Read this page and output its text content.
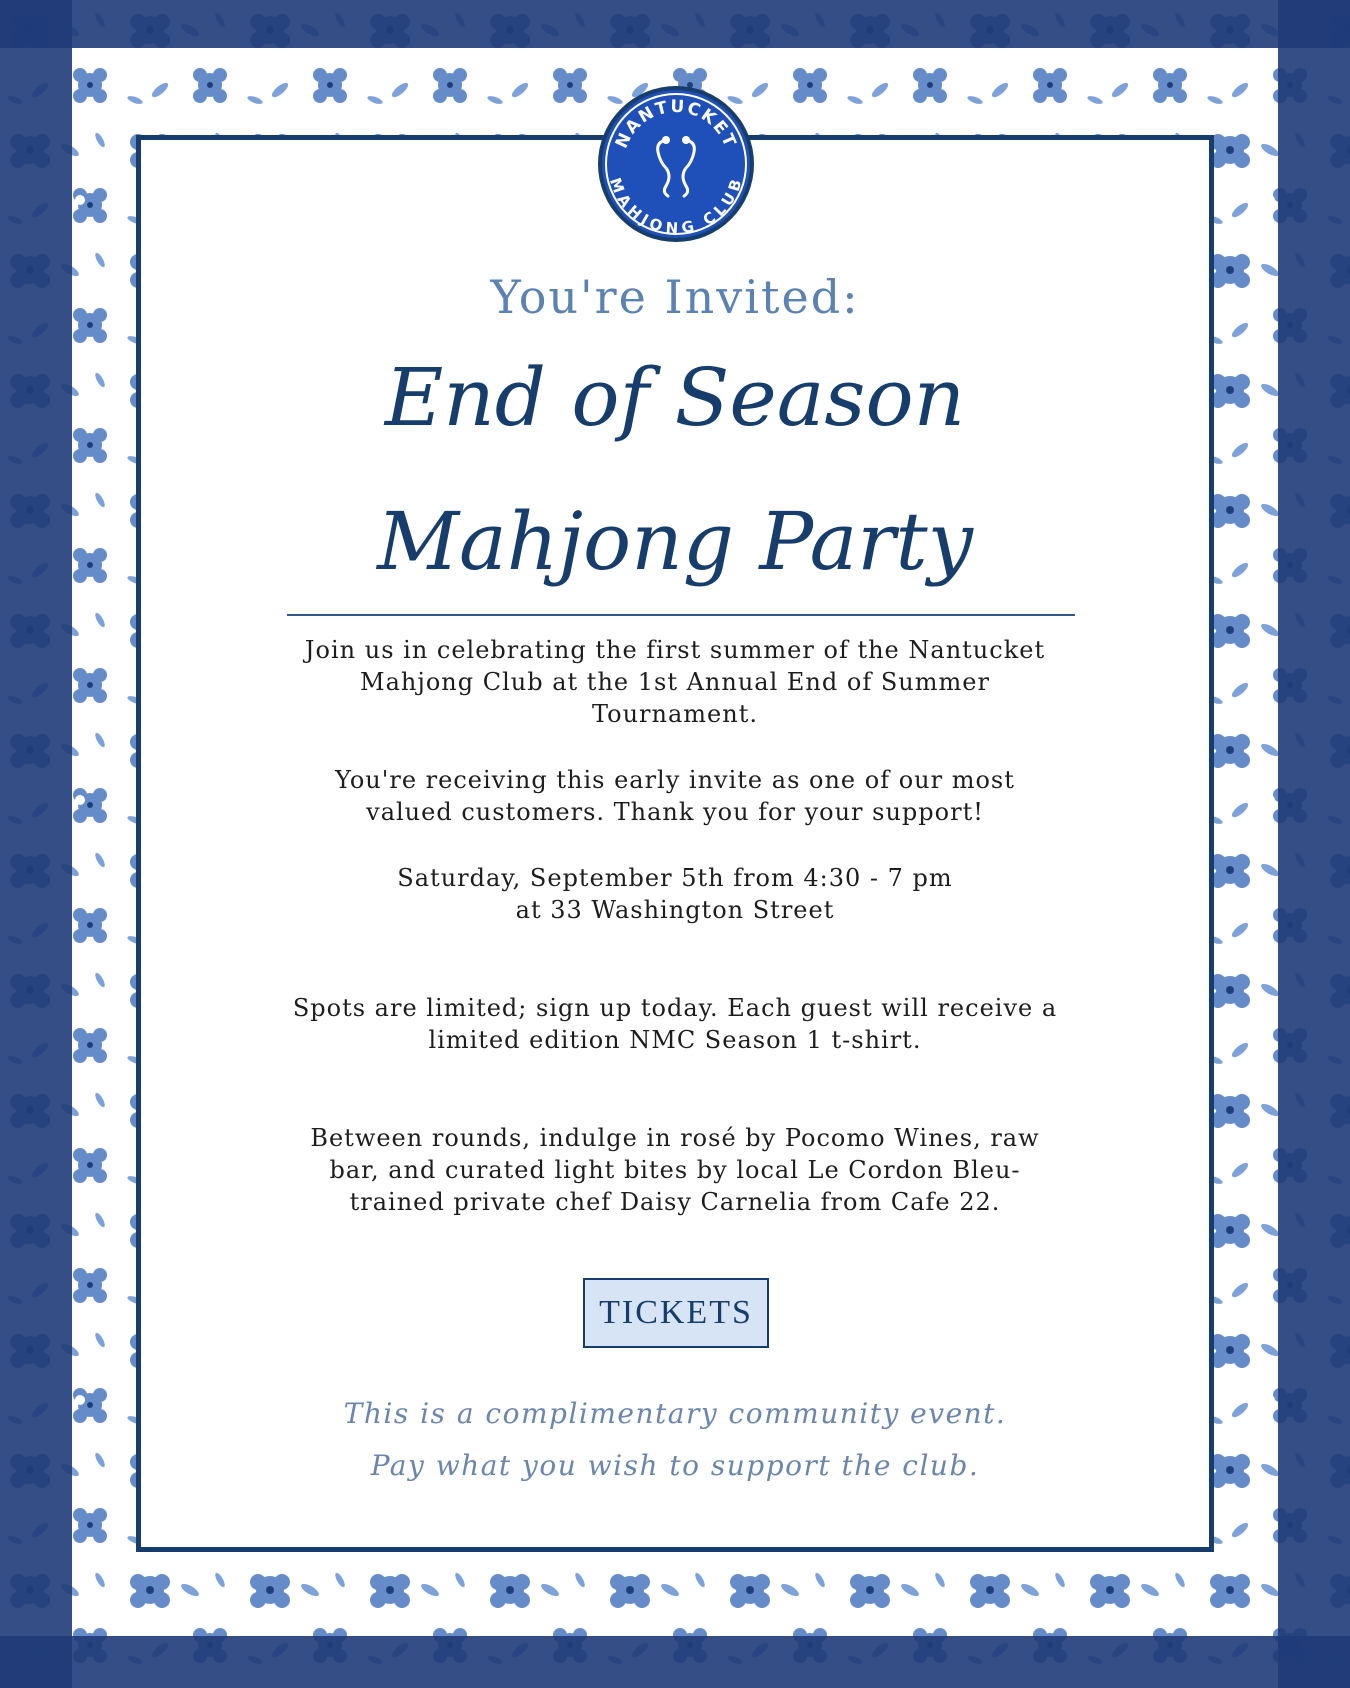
You're Invited:
End of Season
Mahjong Party
Join us in celebrating the first summer of the Nantucket
Mahjong Club at the 1st Annual End of Summer
Tournament.
You're receiving this early invite as one of our most
valued customers. Thank you for your support!
Saturday, September 5th from 4:30 - 7 pm
at 33 Washington Street
Spots are limited; sign up today. Each guest will receive a
limited edition NMC Season 1 t-shirt.
Between rounds, indulge in rosé by Pocomo Wines, raw
bar, and curated light bites by local Le Cordon Bleu-
trained private chef Daisy Carnelia from Cafe 22.
TICKETS
This is a complimentary community event.
Pay what you wish to support the club.
NANTUCKET
MAHJONG CLUB
